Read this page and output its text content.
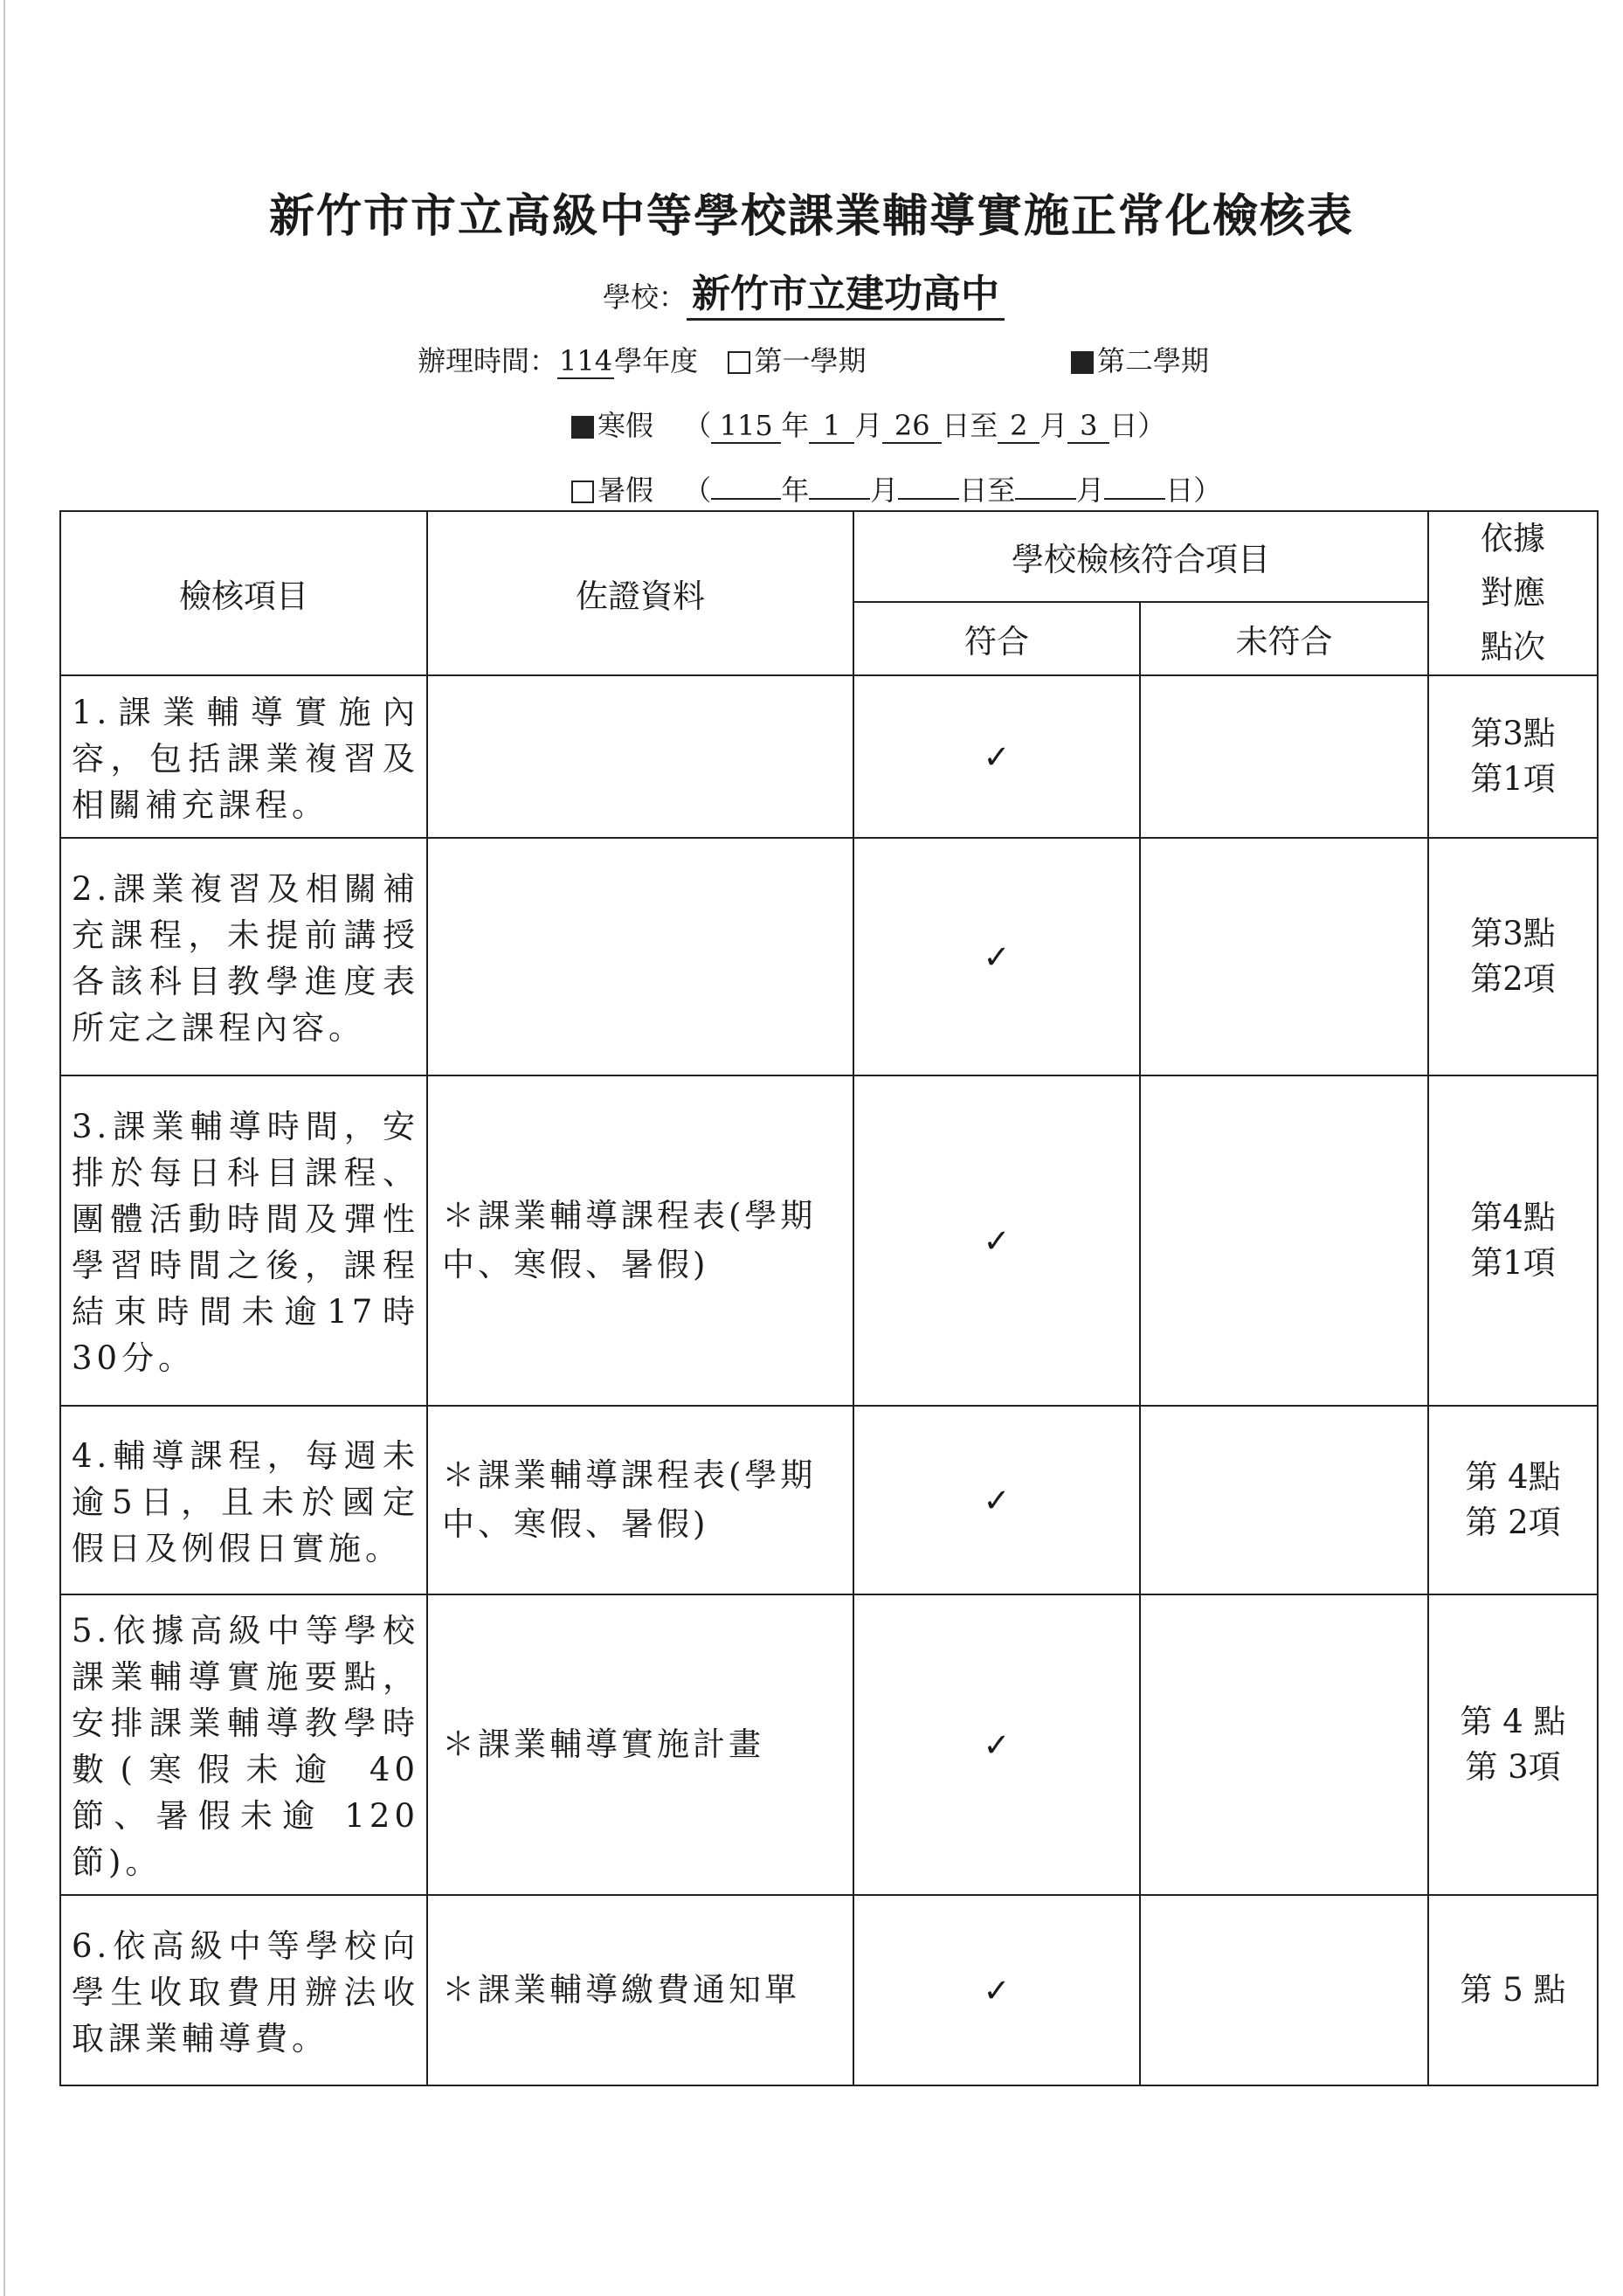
新竹市市立高級中等學校課業輔導實施正常化檢核表
學校： 新竹市立建功高中
辦理時間：114學年度 第一學期	第二學期
寒假 （ 115 年 1 月 26 日至 2 月 3 日）
暑假 （	年 月 日至 月 日）
檢核項目	佐證資料	學校檢核符合項目		依據
對應
點次

		符合	未符合	
1.課業輔導實施內容，包括課業複習及相關補充課程。		✓		第3點
第1項

2.課業複習及相關補充課程，未提前講授各該科目教學進度表所定之課程內容。		✓		第3點
第2項

3.課業輔導時間，安排於每日科目課程、團體活動時間及彈性學習時間之後，課程結束時間未逾17時30分。	＊課業輔導課程表(學期中、寒假、暑假)	✓		第4點
第1項

4.輔導課程，每週未逾5日，且未於國定假日及例假日實施。	＊課業輔導課程表(學期中、寒假、暑假)	✓		第 4點
第 2項

5.依據高級中等學校課業輔導實施要點，安排課業輔導教學時數(寒假未逾 40 節、暑假未逾 120 節)。	＊課業輔導實施計畫	✓		第 4 點
第 3項

6.依高級中等學校向學生收取費用辦法收取課業輔導費。	＊課業輔導繳費通知單	✓		第 5 點
